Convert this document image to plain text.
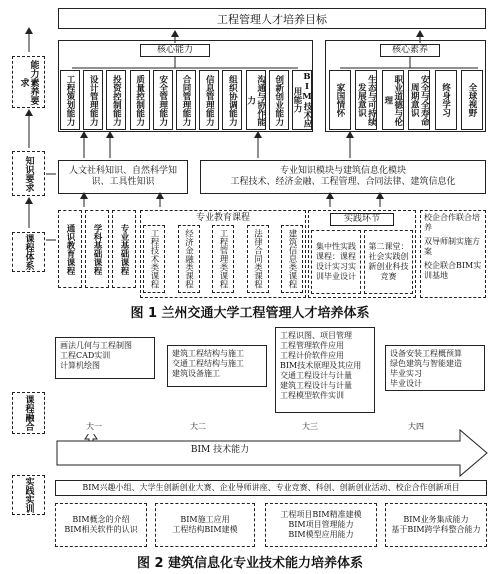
工程管理人才培养目标
能力素养要求
知识要求
课程体系
核心能力
工程策划能力	设计管理能力	投资控制能力	质量控制能力	安全管理能力	合同管理能力	信息管理能力	组织协调能力	沟通与协作能力	创新创业能力	BIM技术应用能力
核心素养
家国情怀	生态与可持续发展意识	职业道德与伦理	安全与全寿命周期意识	终身学习	全球视野
人文社科知识、自然科学知识、工具性知识
专业知识模块与建筑信息化模块
工程技术、经济金融、工程管理、合同法律、建筑信息化
通识教育课程	学科基础课程	专业基础课程
专业教育课程
工程技术类课程	经济金融类课程	工程管理类课程	法律合同类课程	建筑信息类课程
实践环节
集中性实践课程：课程设计实习实训毕业设计
第二课堂：社会实践创新创业科技竞赛
校企合作联合培养
双导师制实施方案
校企联合BIM实训基地
图 1 兰州交通大学工程管理人才培养体系
画法几何与工程制图
工程CAD实训
计算机绘图
建筑工程结构与施工
交通工程结构与施工
建筑设备施工
工程识图、项目管理
工程管理软件应用
工程计价软件应用
BIM技术原理及其应用
交通工程设计与计量
建筑工程设计与计量
工程模型软件实训
设备安装工程概预算
绿色建筑与智能建造
毕业实习
毕业设计
课程融合
实践实训
BIM 技术能力
大一	大二	大三	大四
BIM兴趣小组、大学生创新创业大赛、企业导师讲座、专业竞赛、科创、创新创业活动、校企合作创新项目
BIM概念的介绍
BIM相关软件的认识
BIM施工应用
工程结构BIM建模
工程项目BIM精准建模
BIM项目管理能力
BIM模型应用能力
BIM业务集成能力
基于BIM跨学科整合能力
图 2 建筑信息化专业技术能力培养体系
